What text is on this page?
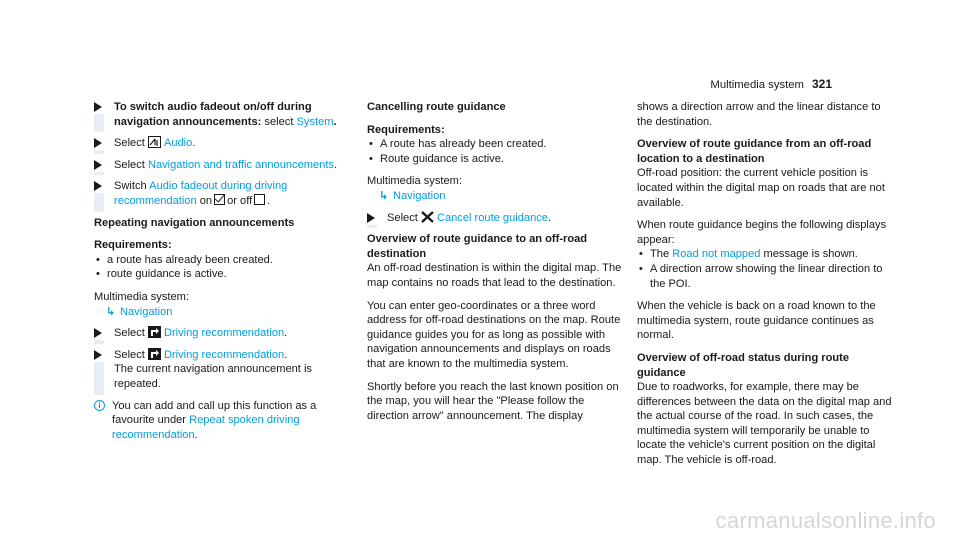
Multimedia system 321

To switch audio fadeout on/off during navigation announcements: select System.

Select Audio.

Select Navigation and traffic announcements.

Switch Audio fadeout during driving recommendation on or off .

Repeating navigation announcements

Requirements:

• a route has already been created.
• route guidance is active.

Multimedia system:

↳ Navigation

Select Driving recommendation.

Select Driving recommendation.

The current navigation announcement is repeated.

i	You can add and call up this function as a favourite under Repeat spoken driving recommendation.

Cancelling route guidance

Requirements:

• A route has already been created.
• Route guidance is active.

Multimedia system:

↳ Navigation

Select Cancel route guidance.

Overview of route guidance to an off-road destination

An off-road destination is within the digital map. The map contains no roads that lead to the destination.

You can enter geo-coordinates or a three word address for off-road destinations on the map. Route guidance guides you for as long as possible with navigation announcements and displays on roads that are known to the multimedia system.

Shortly before you reach the last known position on the map, you will hear the "Please follow the direction arrow" announcement. The display

shows a direction arrow and the linear distance to the destination.

Overview of route guidance from an off-road location to a destination

Off-road position: the current vehicle position is located within the digital map on roads that are not available.

When route guidance begins the following displays appear:

• The Road not mapped message is shown.
• A direction arrow showing the linear direction to the POI.

When the vehicle is back on a road known to the multimedia system, route guidance continues as normal.

Overview of off-road status during route guidance

Due to roadworks, for example, there may be differences between the data on the digital map and the actual course of the road. In such cases, the multimedia system will temporarily be unable to locate the vehicle's current position on the digital map. The vehicle is off-road.

carmanualsonline.info
